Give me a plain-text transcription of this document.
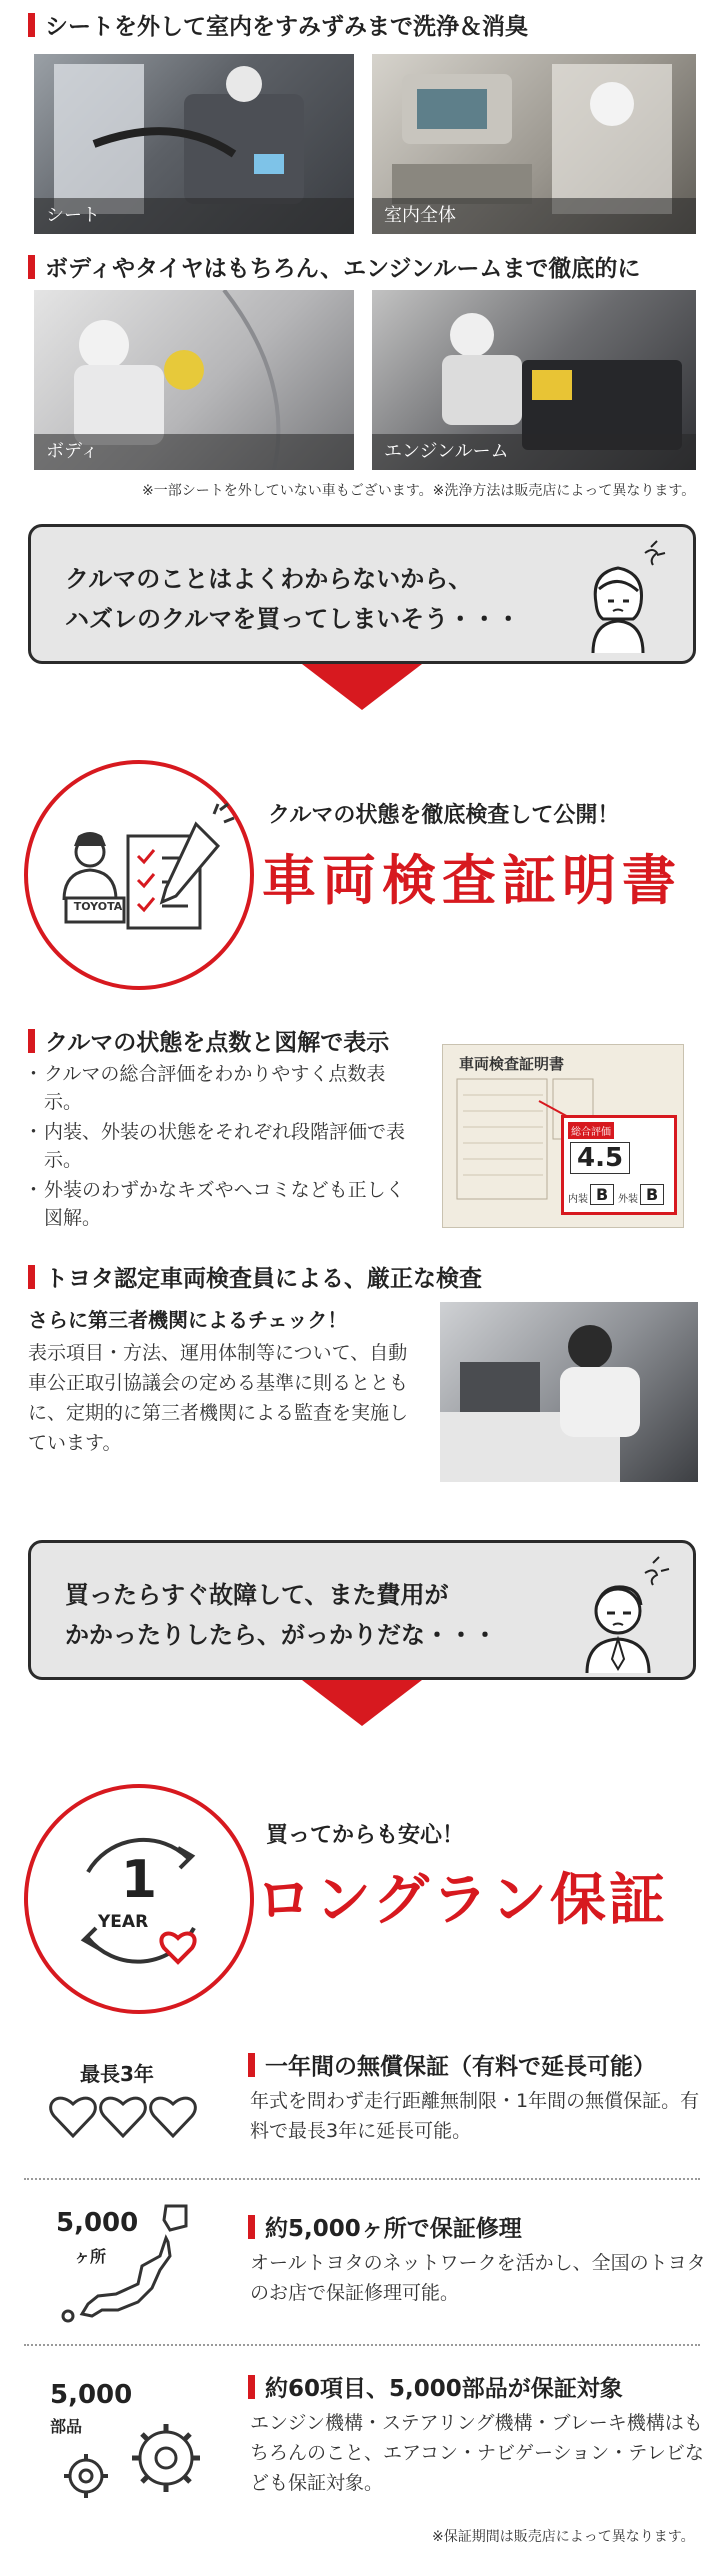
シートを外して室内をすみずみまで洗浄＆消臭
シート	室内全体
ボディやタイヤはもちろん、エンジンルームまで徹底的に
ボディ	エンジンルーム
※一部シートを外していない車もございます。※洗浄方法は販売店によって異なります。
クルマのことはよくわからないから、
ハズレのクルマを買ってしまいそう・・・
TOYOTA
クルマの状態を徹底検査して公開！
車両検査証明書
クルマの状態を点数と図解で表示
・ クルマの総合評価をわかりやすく点数表示。
・ 内装、外装の状態をそれぞれ段階評価で表示。
・ 外装のわずかなキズやヘコミなども正しく図解。
車両検査証明書
総合評価
4.5
内装 B 外装 B
トヨタ認定車両検査員による、厳正な検査
さらに第三者機関によるチェック！
表示項目・方法、運用体制等について、自動車公正取引協議会の定める基準に則るとともに、定期的に第三者機関による監査を実施しています。
買ったらすぐ故障して、また費用が
かかったりしたら、がっかりだな・・・
1
YEAR
買ってからも安心！
ロングラン保証
最長3年	一年間の無償保証（有料で延長可能）
年式を問わず走行距離無制限・1年間の無償保証。有料で最長3年に延長可能。
5,000
ヶ所
約5,000ヶ所で保証修理
オールトヨタのネットワークを活かし、全国のトヨタのお店で保証修理可能。
5,000
部品
約60項目、5,000部品が保証対象
エンジン機構・ステアリング機構・ブレーキ機構はもちろんのこと、エアコン・ナビゲーション・テレビなども保証対象。
※保証期間は販売店によって異なります。
